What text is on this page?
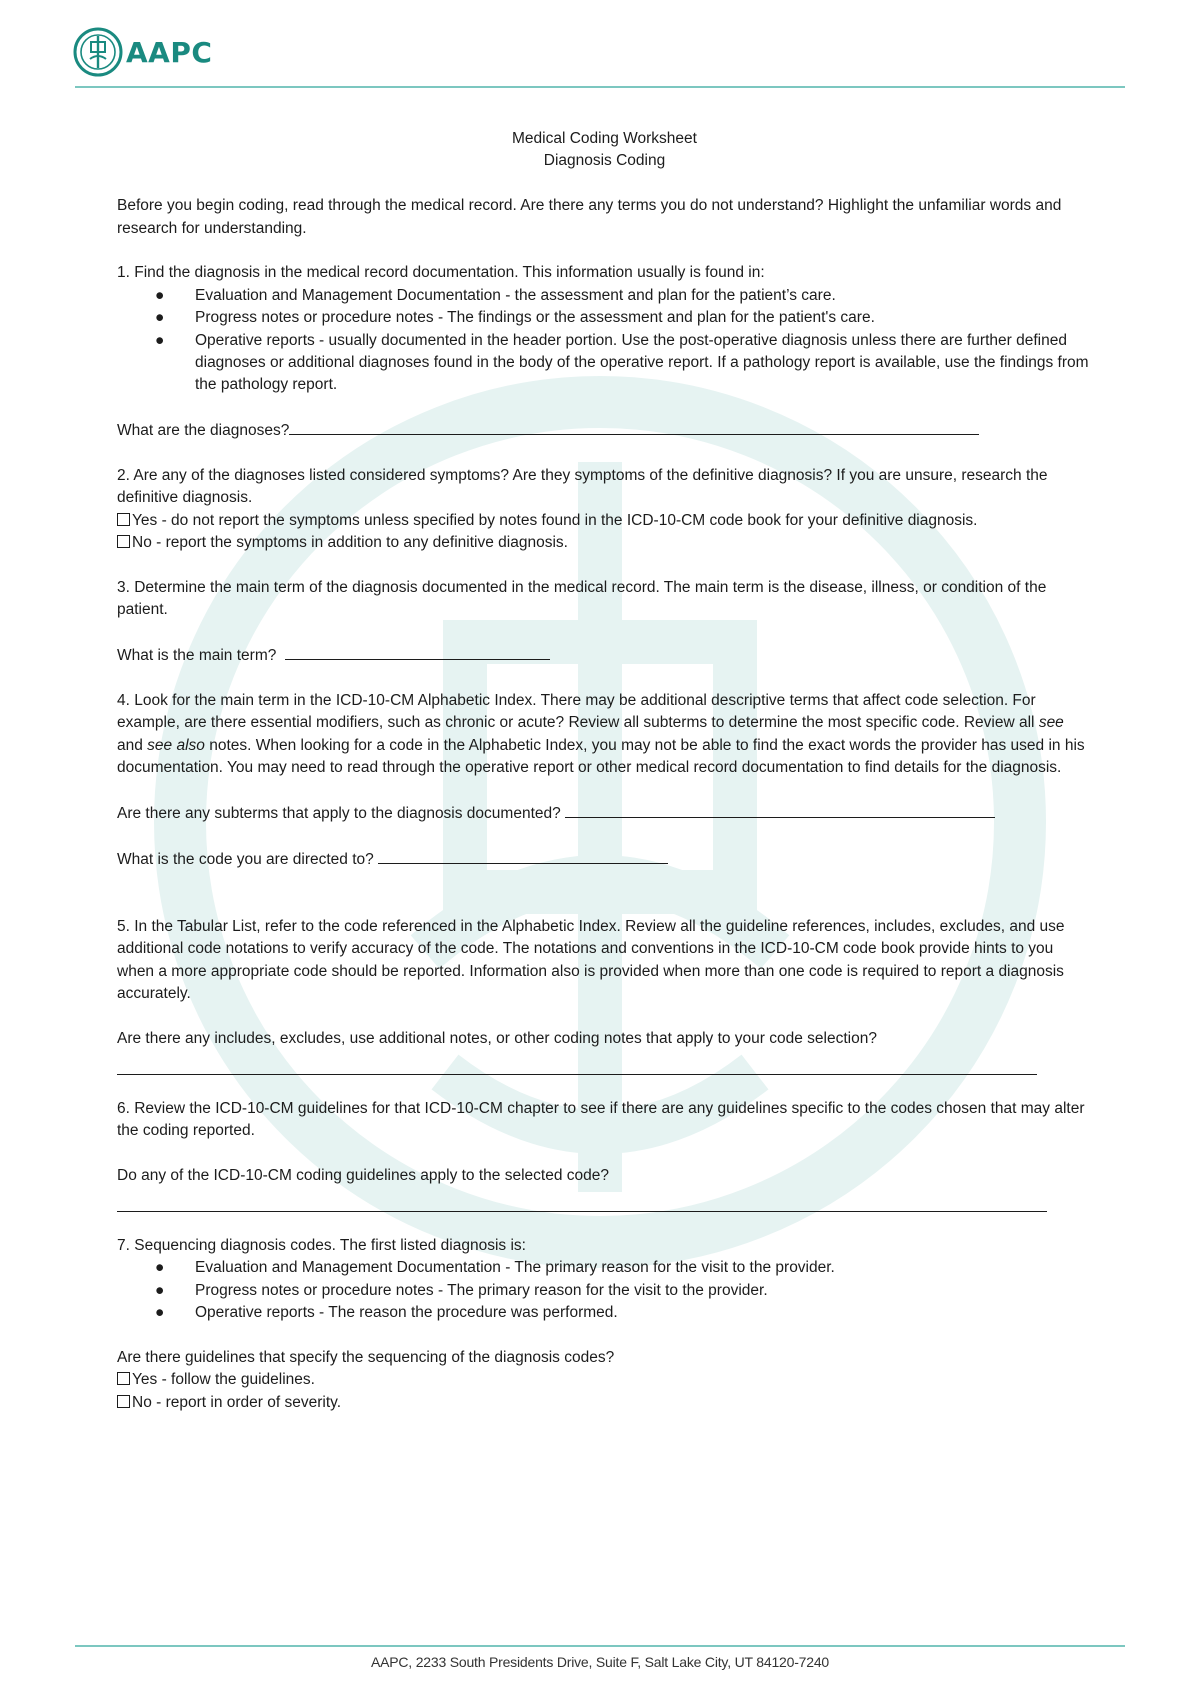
AAPC

Medical Coding Worksheet

Diagnosis Coding

Before you begin coding, read through the medical record. Are there any terms you do not understand? Highlight the unfamiliar words and research for understanding.

1. Find the diagnosis in the medical record documentation. This information usually is found in:

● Evaluation and Management Documentation - the assessment and plan for the patient’s care.
● Progress notes or procedure notes - The findings or the assessment and plan for the patient's care.
● Operative reports - usually documented in the header portion. Use the post-operative diagnosis unless there are further defined diagnoses or additional diagnoses found in the body of the operative report. If a pathology report is available, use the findings from the pathology report.

What are the diagnoses?

2. Are any of the diagnoses listed considered symptoms? Are they symptoms of the definitive diagnosis? If you are unsure, research the definitive diagnosis.

Yes - do not report the symptoms unless specified by notes found in the ICD-10-CM code book for your definitive diagnosis.

No - report the symptoms in addition to any definitive diagnosis.

3. Determine the main term of the diagnosis documented in the medical record. The main term is the disease, illness, or condition of the patient.

What is the main term?

4. Look for the main term in the ICD-10-CM Alphabetic Index. There may be additional descriptive terms that affect code selection. For example, are there essential modifiers, such as chronic or acute? Review all subterms to determine the most specific code. Review all see and see also notes. When looking for a code in the Alphabetic Index, you may not be able to find the exact words the provider has used in his documentation. You may need to read through the operative report or other medical record documentation to find details for the diagnosis.

Are there any subterms that apply to the diagnosis documented?

What is the code you are directed to?

5. In the Tabular List, refer to the code referenced in the Alphabetic Index. Review all the guideline references, includes, excludes, and use additional code notations to verify accuracy of the code. The notations and conventions in the ICD-10-CM code book provide hints to you when a more appropriate code should be reported. Information also is provided when more than one code is required to report a diagnosis accurately.

Are there any includes, excludes, use additional notes, or other coding notes that apply to your code selection?

6. Review the ICD-10-CM guidelines for that ICD-10-CM chapter to see if there are any guidelines specific to the codes chosen that may alter the coding reported.

Do any of the ICD-10-CM coding guidelines apply to the selected code?

7. Sequencing diagnosis codes. The first listed diagnosis is:

● Evaluation and Management Documentation - The primary reason for the visit to the provider.
● Progress notes or procedure notes - The primary reason for the visit to the provider.
● Operative reports - The reason the procedure was performed.

Are there guidelines that specify the sequencing of the diagnosis codes?

Yes - follow the guidelines.

No - report in order of severity.

AAPC, 2233 South Presidents Drive, Suite F, Salt Lake City, UT 84120-7240
